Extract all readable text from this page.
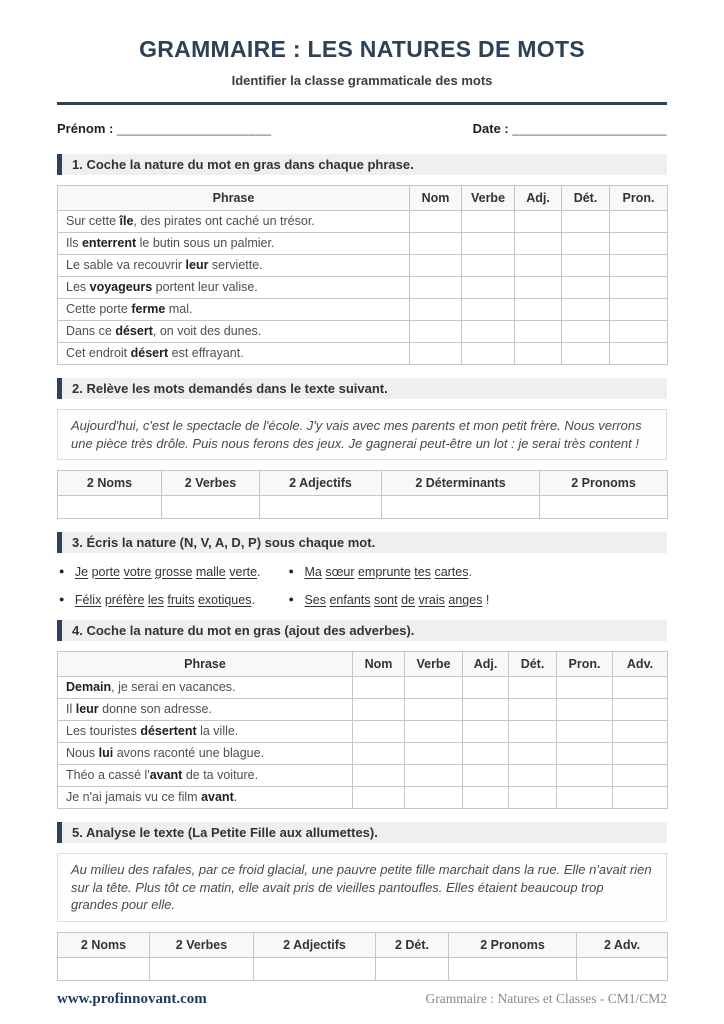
GRAMMAIRE : LES NATURES DE MOTS
Identifier la classe grammaticale des mots
Prénom : ____________________	Date : ____________________
1. Coche la nature du mot en gras dans chaque phrase.
Phrase	Nom	Verbe	Adj.	Dét.	Pron.
Sur cette île, des pirates ont caché un trésor.					
Ils enterrent le butin sous un palmier.					
Le sable va recouvrir leur serviette.					
Les voyageurs portent leur valise.					
Cette porte ferme mal.					
Dans ce désert, on voit des dunes.					
Cet endroit désert est effrayant.					
2. Relève les mots demandés dans le texte suivant.
Aujourd'hui, c'est le spectacle de l'école. J'y vais avec mes parents et mon petit frère. Nous verrons une pièce très drôle. Puis nous ferons des jeux. Je gagnerai peut-être un lot : je serai très content !
2 Noms	2 Verbes	2 Adjectifs	2 Déterminants	2 Pronoms

3. Écris la nature (N, V, A, D, P) sous chaque mot.
● Je porte votre grosse malle verte.	● Ma sœur emprunte tes cartes.
● Félix préfère les fruits exotiques.	● Ses enfants sont de vrais anges !
4. Coche la nature du mot en gras (ajout des adverbes).
Phrase	Nom	Verbe	Adj.	Dét.	Pron.	Adv.
Demain, je serai en vacances.						
Il leur donne son adresse.						
Les touristes désertent la ville.						
Nous lui avons raconté une blague.						
Théo a cassé l'avant de ta voiture.						
Je n'ai jamais vu ce film avant.						
5. Analyse le texte (La Petite Fille aux allumettes).
Au milieu des rafales, par ce froid glacial, une pauvre petite fille marchait dans la rue. Elle n'avait rien sur la tête. Plus tôt ce matin, elle avait pris de vieilles pantoufles. Elles étaient beaucoup trop grandes pour elle.
2 Noms	2 Verbes	2 Adjectifs	2 Dét.	2 Pronoms	2 Adv.

www.profinnovant.com	Grammaire : Natures et Classes - CM1/CM2
